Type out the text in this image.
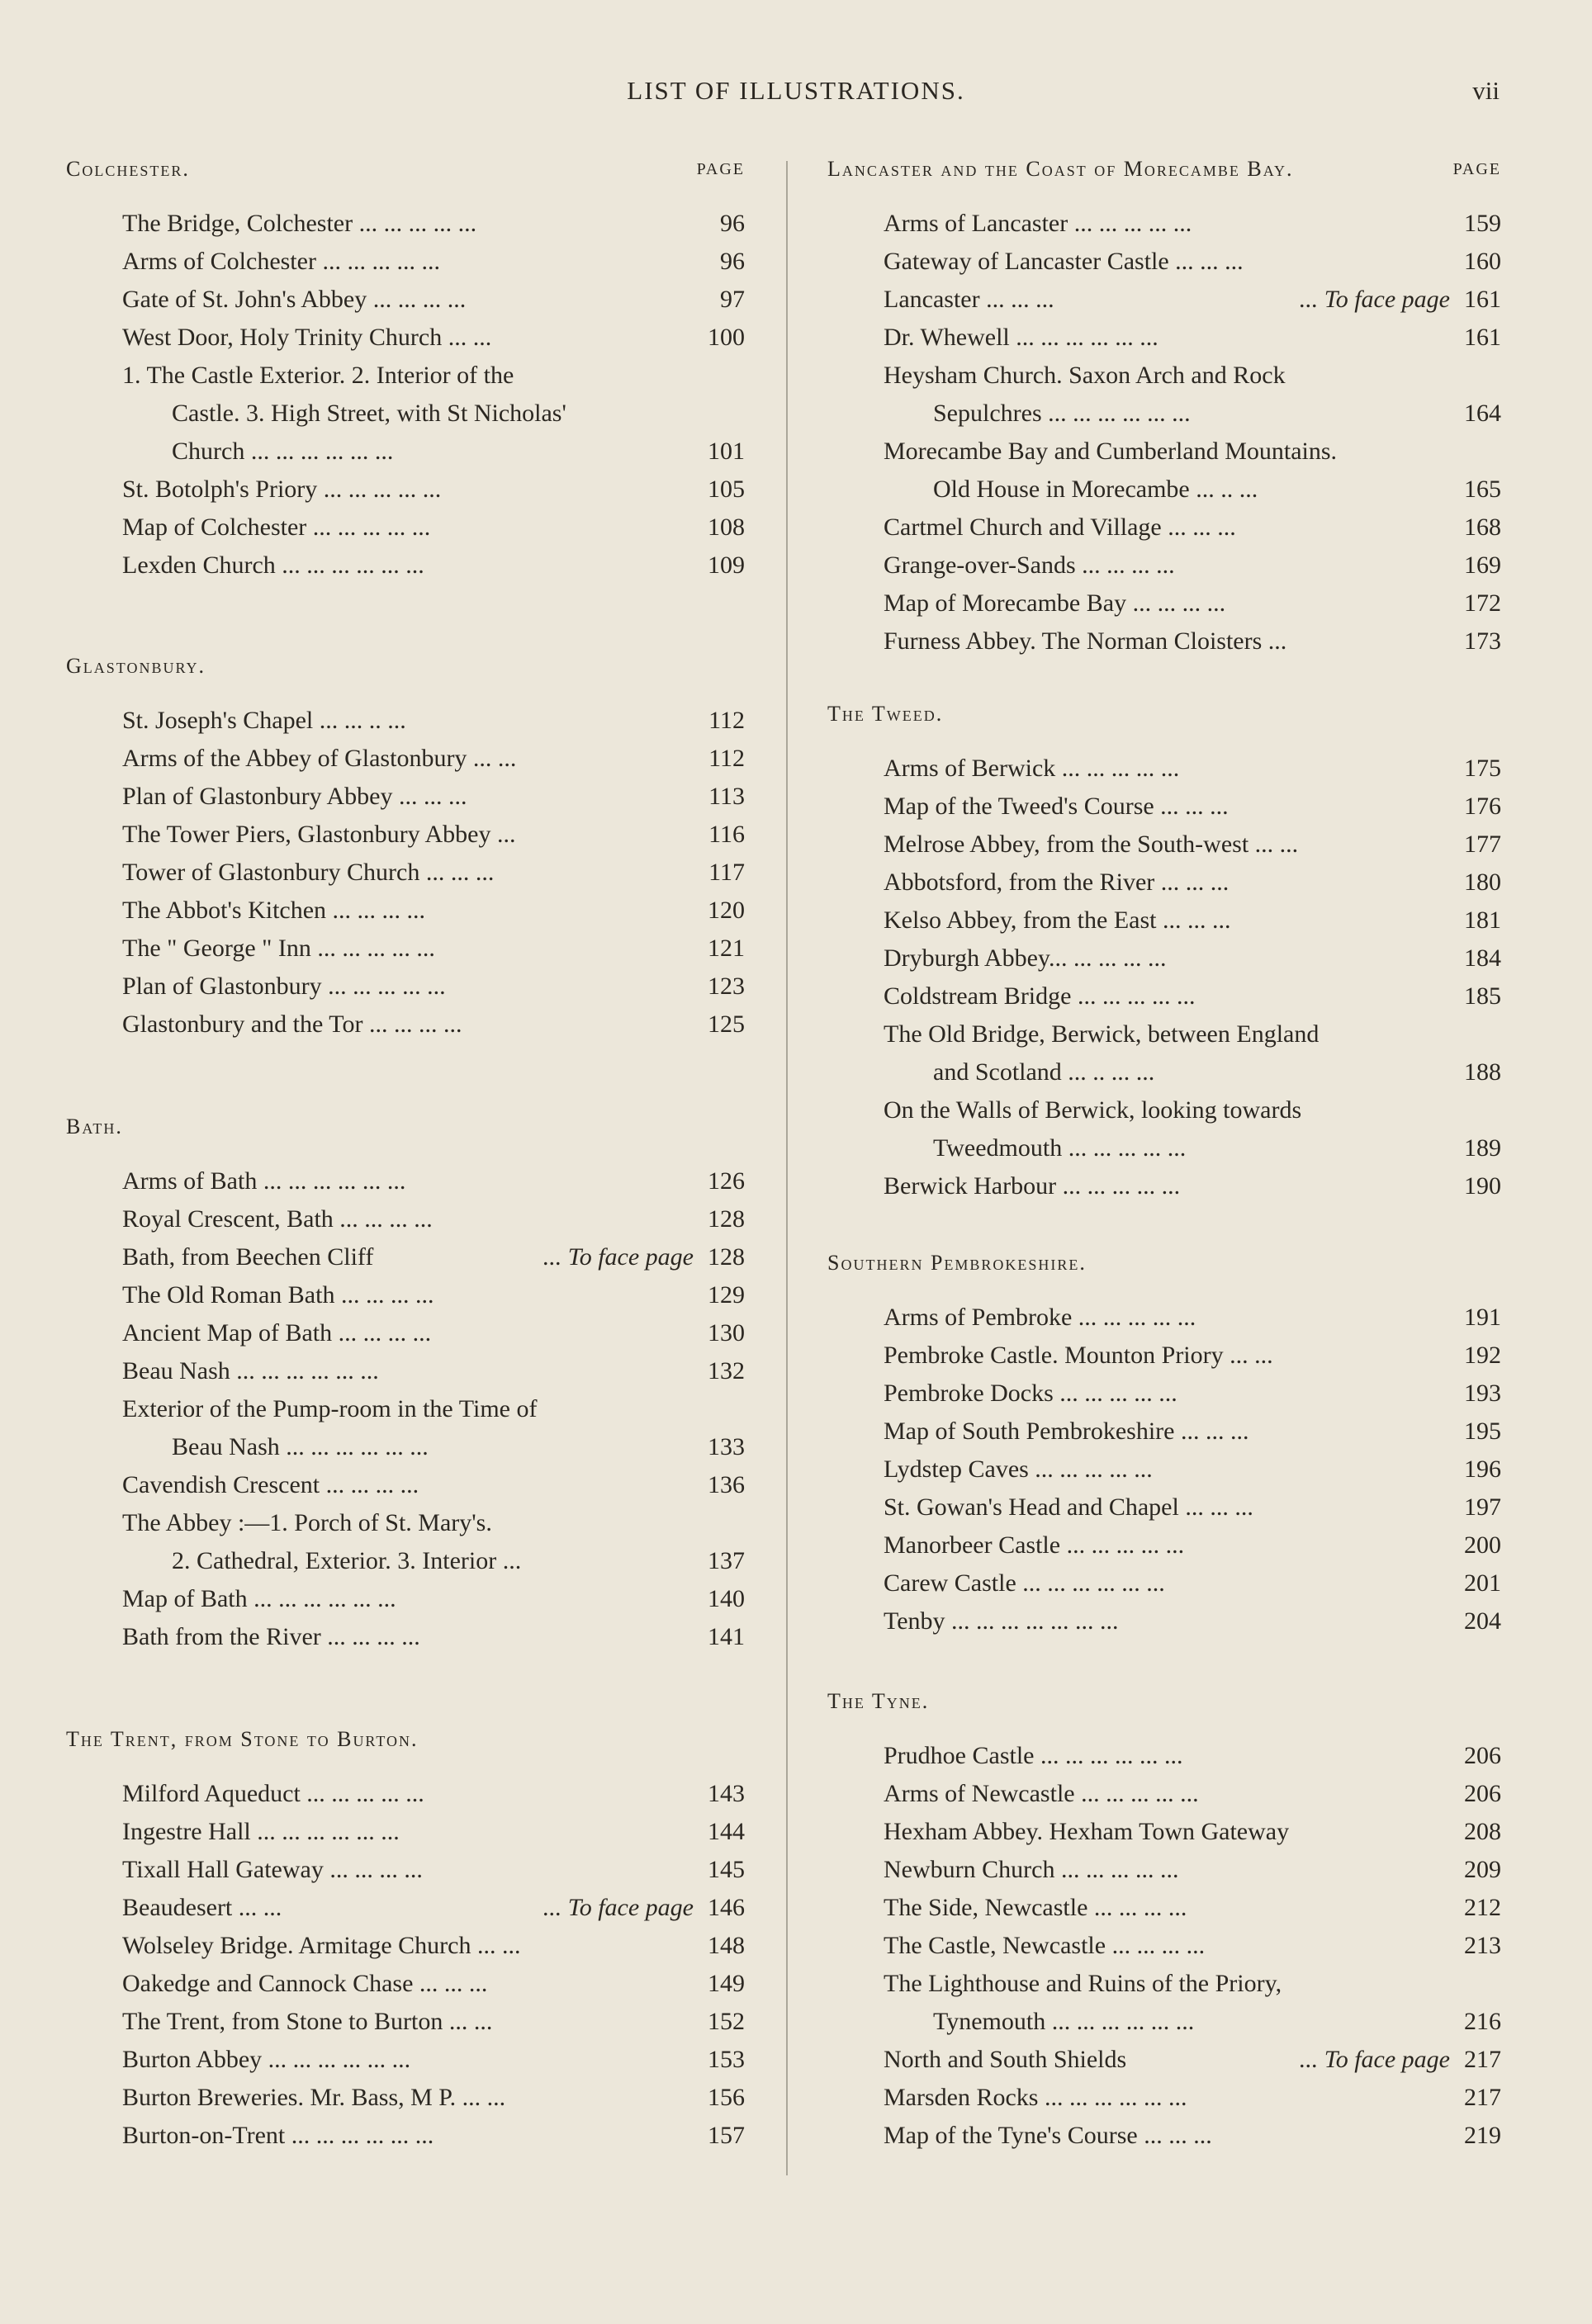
LIST OF ILLUSTRATIONS.	vii
Colchester.	PAGE
The Bridge, Colchester ... ... ... ... ...	96
Arms of Colchester ... ... ... ... ...	96
Gate of St. John's Abbey ... ... ... ...	97
West Door, Holy Trinity Church ... ...	100
1. The Castle Exterior. 2. Interior of the
Castle. 3. High Street, with St Nicholas'
Church ... ... ... ... ... ...	101
St. Botolph's Priory ... ... ... ... ...	105
Map of Colchester ... ... ... ... ...	108
Lexden Church ... ... ... ... ... ...	109
Glastonbury.
St. Joseph's Chapel ... ... .. ...	112
Arms of the Abbey of Glastonbury ... ...	112
Plan of Glastonbury Abbey ... ... ...	113
The Tower Piers, Glastonbury Abbey ...	116
Tower of Glastonbury Church ... ... ...	117
The Abbot's Kitchen ... ... ... ...	120
The " George " Inn ... ... ... ... ...	121
Plan of Glastonbury ... ... ... ... ...	123
Glastonbury and the Tor ... ... ... ...	125
Bath.
Arms of Bath ... ... ... ... ... ...	126
Royal Crescent, Bath ... ... ... ...	128
Bath, from Beechen Cliff	... To face page 128
The Old Roman Bath ... ... ... ...	129
Ancient Map of Bath ... ... ... ...	130
Beau Nash ... ... ... ... ... ...	132
Exterior of the Pump-room in the Time of
Beau Nash ... ... ... ... ... ...	133
Cavendish Crescent ... ... ... ...	136
The Abbey :—1. Porch of St. Mary's.
2. Cathedral, Exterior. 3. Interior ...	137
Map of Bath ... ... ... ... ... ...	140
Bath from the River ... ... ... ...	141
The Trent, from Stone to Burton.
Milford Aqueduct ... ... ... ... ...	143
Ingestre Hall ... ... ... ... ... ...	144
Tixall Hall Gateway ... ... ... ...	145
Beaudesert ... ...	... To face page 146
Wolseley Bridge. Armitage Church ... ...	148
Oakedge and Cannock Chase ... ... ...	149
The Trent, from Stone to Burton ... ...	152
Burton Abbey ... ... ... ... ... ...	153
Burton Breweries. Mr. Bass, M P. ... ...	156
Burton-on-Trent ... ... ... ... ... ...	157
Lancaster and the Coast of Morecambe Bay.	PAGE
Arms of Lancaster ... ... ... ... ...	159
Gateway of Lancaster Castle ... ... ...	160
Lancaster ... ... ...	... To face page 161
Dr. Whewell ... ... ... ... ... ...	161
Heysham Church. Saxon Arch and Rock
Sepulchres ... ... ... ... ... ...	164
Morecambe Bay and Cumberland Mountains.
Old House in Morecambe ... .. ...	165
Cartmel Church and Village ... ... ...	168
Grange-over-Sands ... ... ... ...	169
Map of Morecambe Bay ... ... ... ...	172
Furness Abbey. The Norman Cloisters ...	173
The Tweed.
Arms of Berwick ... ... ... ... ...	175
Map of the Tweed's Course ... ... ...	176
Melrose Abbey, from the South-west ... ...	177
Abbotsford, from the River ... ... ...	180
Kelso Abbey, from the East ... ... ...	181
Dryburgh Abbey... ... ... ... ...	184
Coldstream Bridge ... ... ... ... ...	185
The Old Bridge, Berwick, between England
and Scotland ... .. ... ...	188
On the Walls of Berwick, looking towards
Tweedmouth ... ... ... ... ...	189
Berwick Harbour ... ... ... ... ...	190
Southern Pembrokeshire.
Arms of Pembroke ... ... ... ... ...	191
Pembroke Castle. Mounton Priory ... ...	192
Pembroke Docks ... ... ... ... ...	193
Map of South Pembrokeshire ... ... ...	195
Lydstep Caves ... ... ... ... ...	196
St. Gowan's Head and Chapel ... ... ...	197
Manorbeer Castle ... ... ... ... ...	200
Carew Castle ... ... ... ... ... ...	201
Tenby ... ... ... ... ... ... ...	204
The Tyne.
Prudhoe Castle ... ... ... ... ... ...	206
Arms of Newcastle ... ... ... ... ...	206
Hexham Abbey. Hexham Town Gateway	208
Newburn Church ... ... ... ... ...	209
The Side, Newcastle ... ... ... ...	212
The Castle, Newcastle ... ... ... ...	213
The Lighthouse and Ruins of the Priory,
Tynemouth ... ... ... ... ... ...	216
North and South Shields	... To face page 217
Marsden Rocks ... ... ... ... ... ...	217
Map of the Tyne's Course ... ... ...	219
